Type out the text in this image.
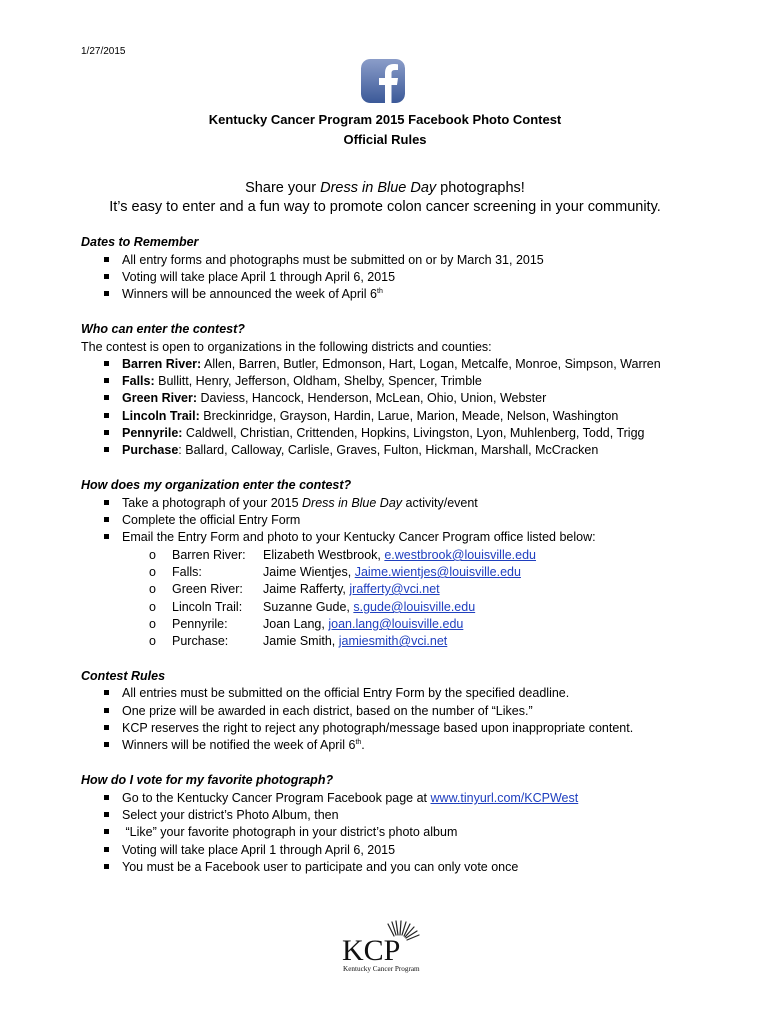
1/27/2015
Kentucky Cancer Program 2015 Facebook Photo Contest
Official Rules
Share your Dress in Blue Day photographs!
It’s easy to enter and a fun way to promote colon cancer screening in your community.
Dates to Remember
All entry forms and photographs must be submitted on or by March 31, 2015
Voting will take place April 1 through April 6, 2015
Winners will be announced the week of April 6th
Who can enter the contest?
The contest is open to organizations in the following districts and counties:
Barren River: Allen, Barren, Butler, Edmonson, Hart, Logan, Metcalfe, Monroe, Simpson, Warren
Falls: Bullitt, Henry, Jefferson, Oldham, Shelby, Spencer, Trimble
Green River: Daviess, Hancock, Henderson, McLean, Ohio, Union, Webster
Lincoln Trail: Breckinridge, Grayson, Hardin, Larue, Marion, Meade, Nelson, Washington
Pennyrile: Caldwell, Christian, Crittenden, Hopkins, Livingston, Lyon, Muhlenberg, Todd, Trigg
Purchase: Ballard, Calloway, Carlisle, Graves, Fulton, Hickman, Marshall, McCracken
How does my organization enter the contest?
Take a photograph of your 2015 Dress in Blue Day activity/event
Complete the official Entry Form
Email the Entry Form and photo to your Kentucky Cancer Program office listed below:
o Barren River: Elizabeth Westbrook, e.westbrook@louisville.edu
o Falls:	Jaime Wientjes, Jaime.wientjes@louisville.edu
o Green River: Jaime Rafferty, jrafferty@vci.net
o Lincoln Trail: Suzanne Gude, s.gude@louisville.edu
o Pennyrile:	Joan Lang, joan.lang@louisville.edu
o Purchase:	Jamie Smith, jamiesmith@vci.net
Contest Rules
All entries must be submitted on the official Entry Form by the specified deadline.
One prize will be awarded in each district, based on the number of “Likes.”
KCP reserves the right to reject any photograph/message based upon inappropriate content.
Winners will be notified the week of April 6th.
How do I vote for my favorite photograph?
Go to the Kentucky Cancer Program Facebook page at www.tinyurl.com/KCPWest
Select your district’s Photo Album, then
“Like” your favorite photograph in your district’s photo album
Voting will take place April 1 through April 6, 2015
You must be a Facebook user to participate and you can only vote once
KCP
Kentucky Cancer Program
